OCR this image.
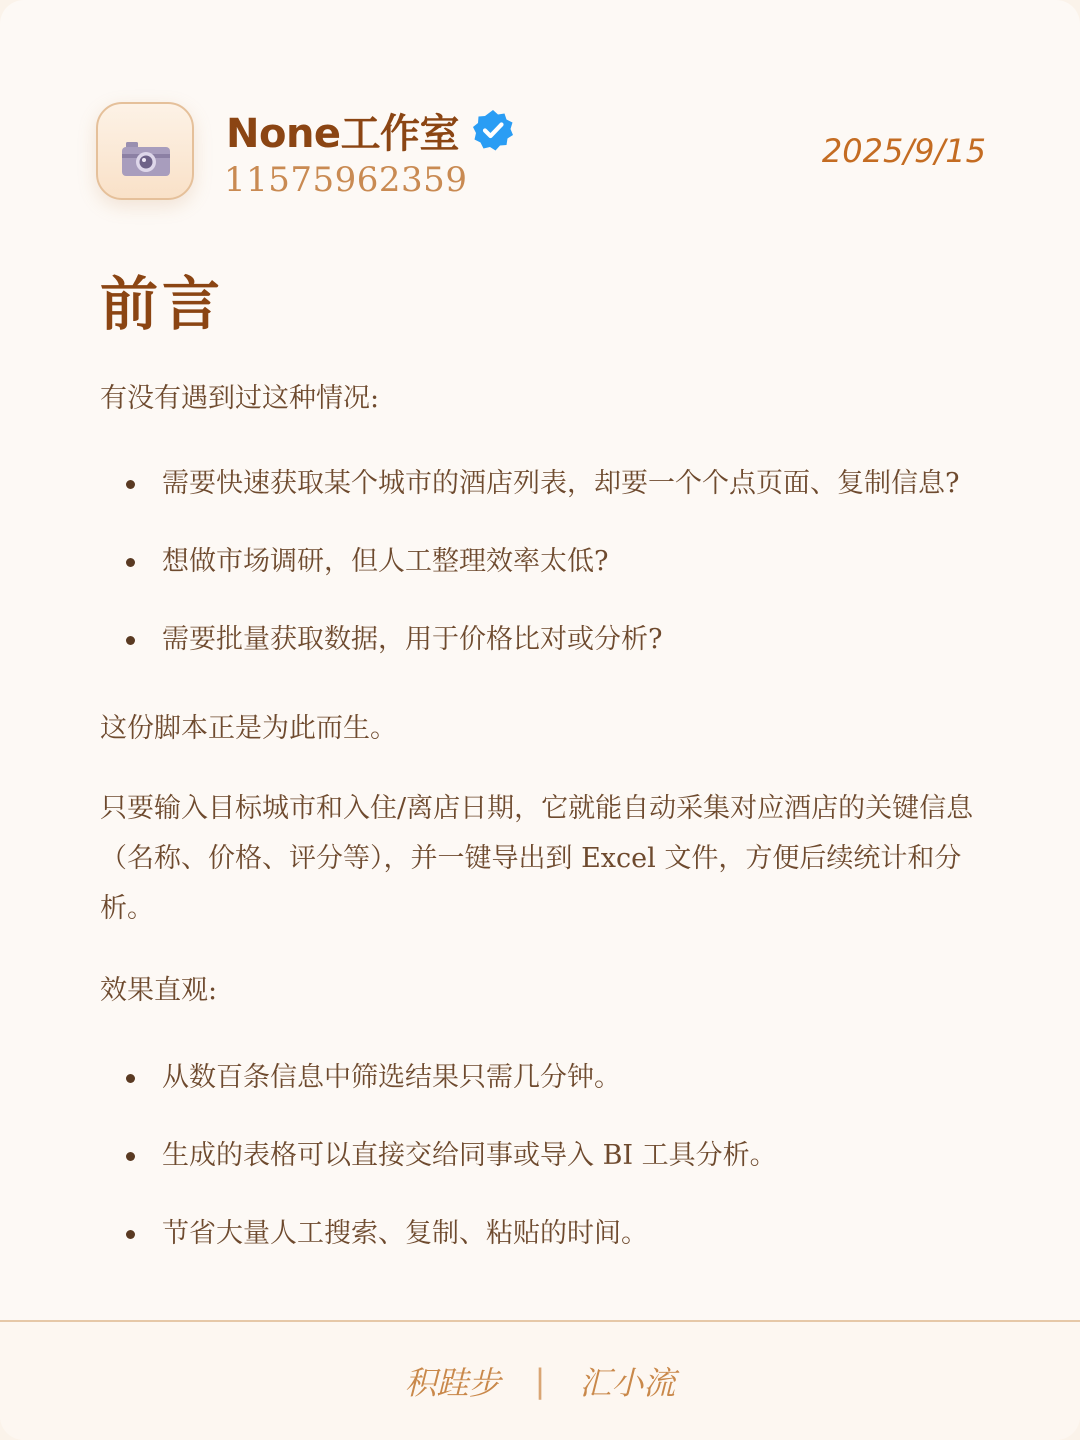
None工作室
11575962359
2025/9/15
前言

有没有遇到过这种情况:

需要快速获取某个城市的酒店列表，却要一个个点页面、复制信息?
想做市场调研，但人工整理效率太低?
需要批量获取数据，用于价格比对或分析?

这份脚本正是为此而生。

只要输入目标城市和入住/离店日期，它就能自动采集对应酒店的关键信息（名称、价格、评分等），并一键导出到 Excel 文件，方便后续统计和分析。

效果直观:

从数百条信息中筛选结果只需几分钟。
生成的表格可以直接交给同事或导入 BI 工具分析。
节省大量人工搜索、复制、粘贴的时间。
积跬步 | 汇小流
